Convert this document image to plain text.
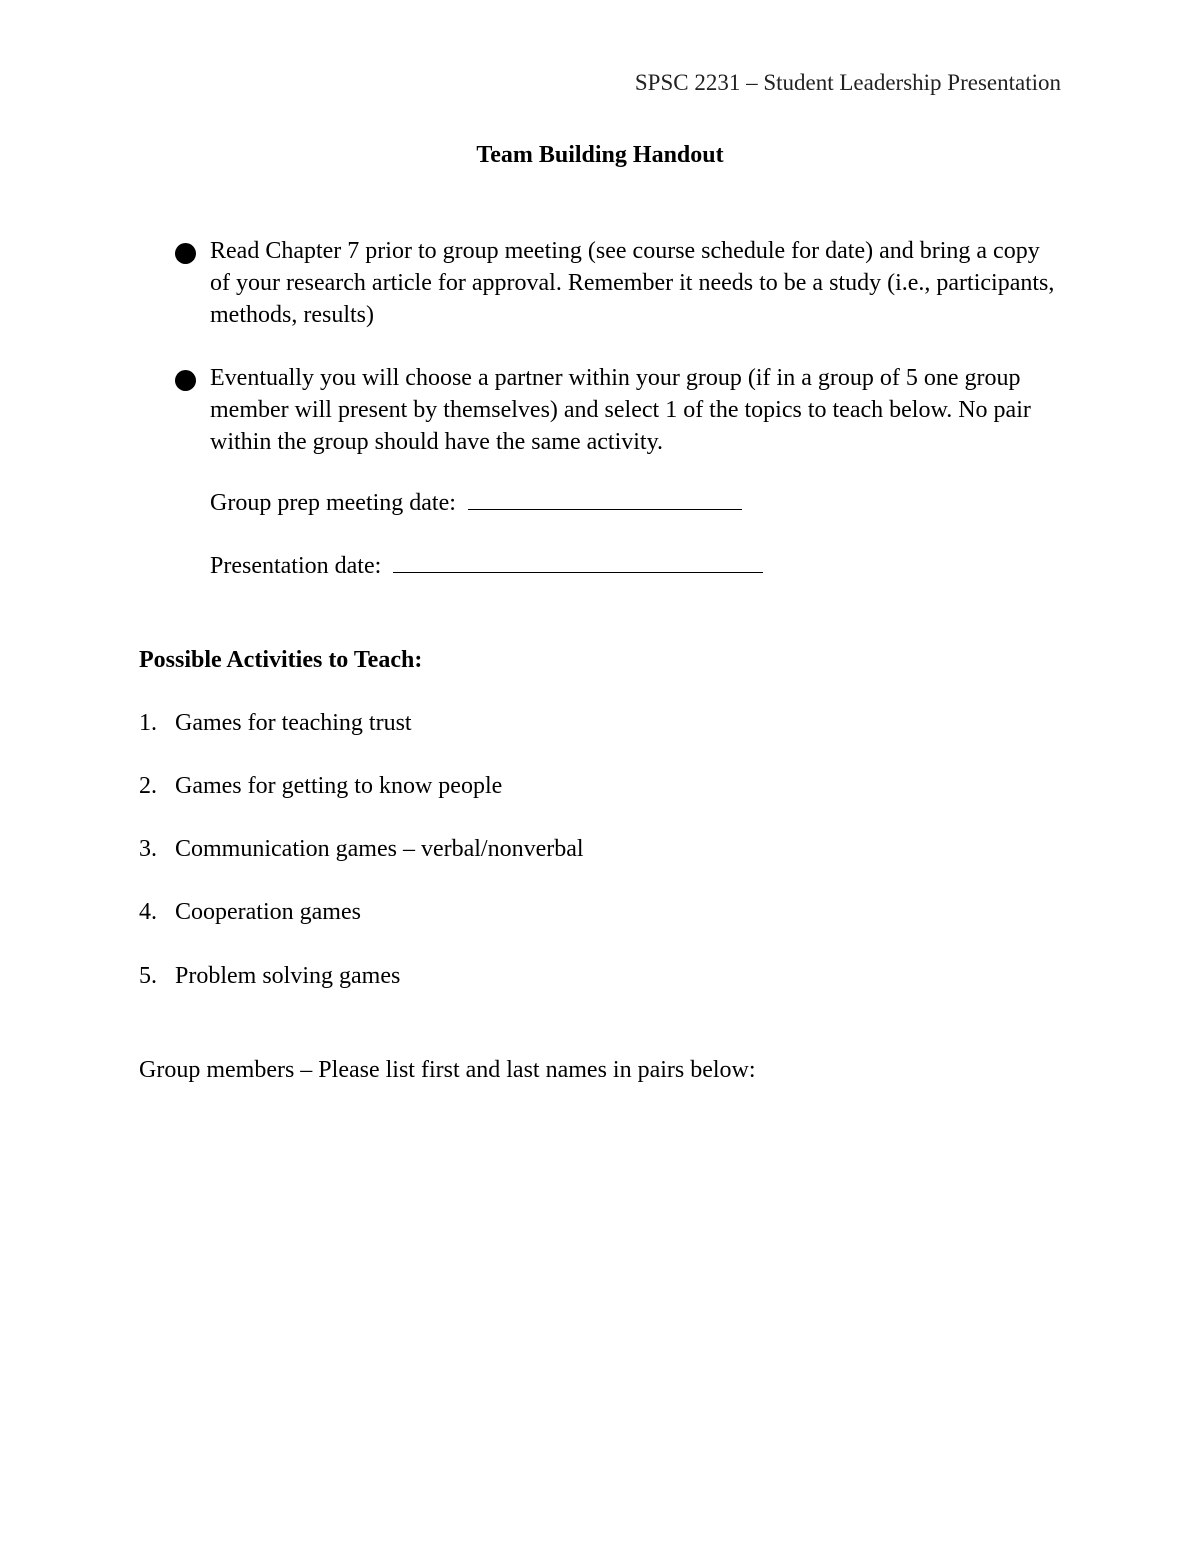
SPSC 2231 – Student Leadership Presentation
Team Building Handout
Read Chapter 7 prior to group meeting (see course schedule for date) and bring a copy of your research article for approval. Remember it needs to be a study (i.e., participants, methods, results)
Eventually you will choose a partner within your group (if in a group of 5 one group member will present by themselves) and select 1 of the topics to teach below. No pair within the group should have the same activity.
Group prep meeting date:
Presentation date:
Possible Activities to Teach:
1. Games for teaching trust
2. Games for getting to know people
3. Communication games – verbal/nonverbal
4. Cooperation games
5. Problem solving games
Group members – Please list first and last names in pairs below:
